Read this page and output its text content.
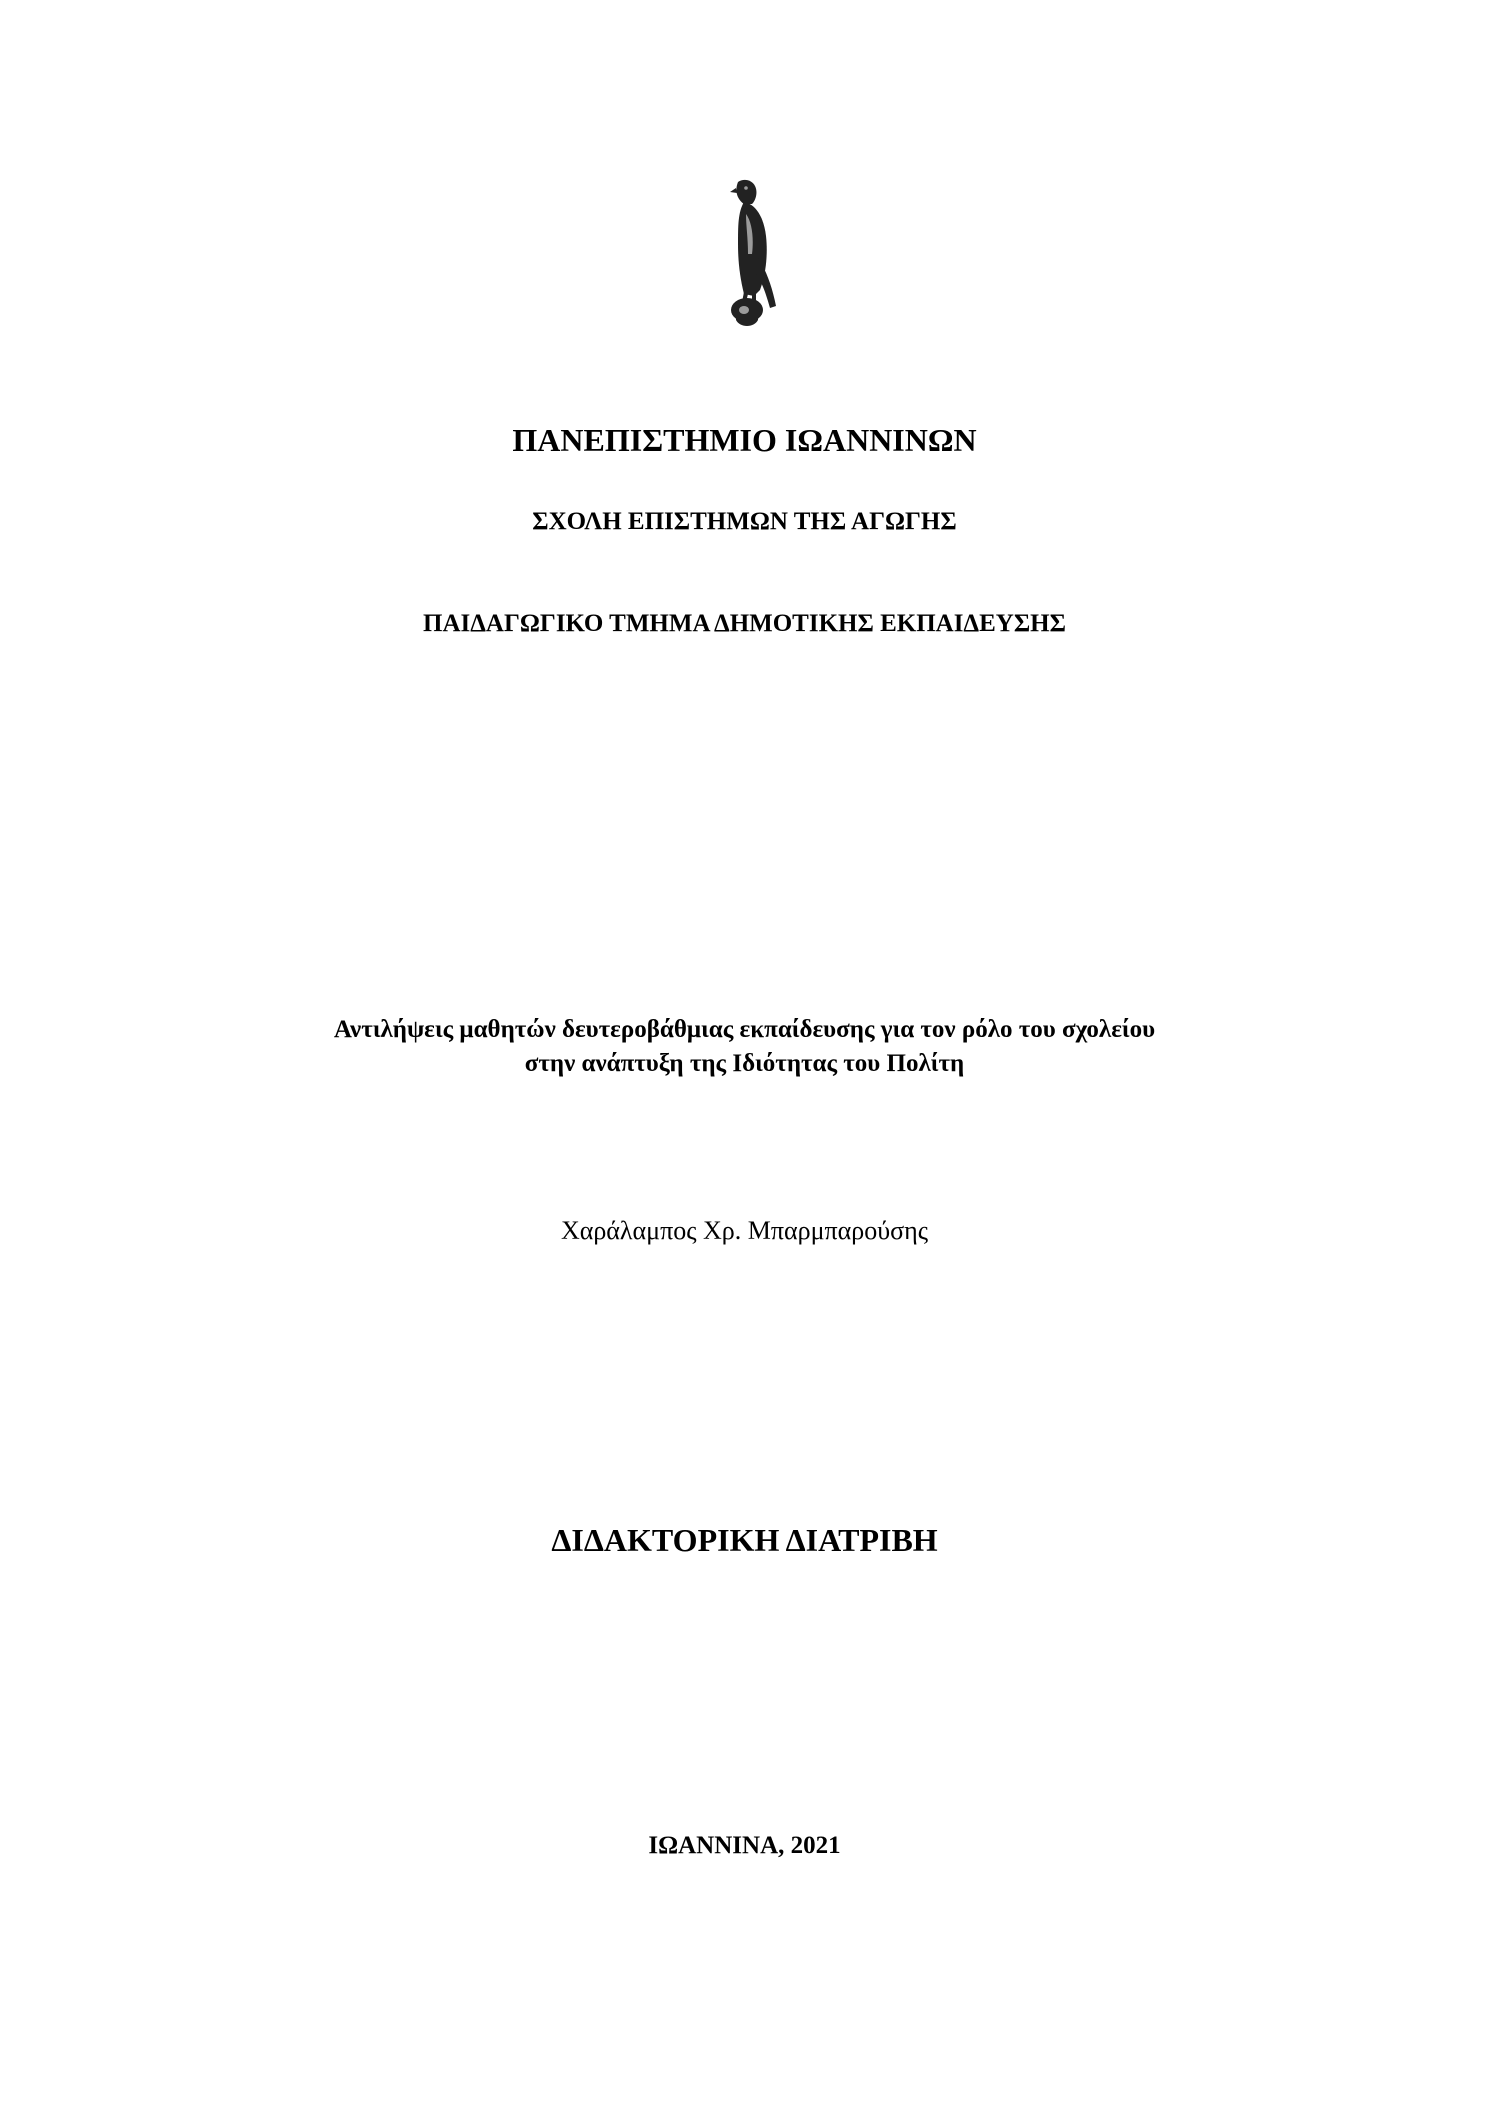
ΠΑΝΕΠΙΣΤΗΜΙΟ ΙΩΑΝΝΙΝΩΝ
ΣΧΟΛΗ ΕΠΙΣΤΗΜΩΝ ΤΗΣ ΑΓΩΓΗΣ
ΠΑΙΔΑΓΩΓΙΚΟ ΤΜΗΜΑ ΔΗΜΟΤΙΚΗΣ ΕΚΠΑΙΔΕΥΣΗΣ
Αντιλήψεις μαθητών δευτεροβάθμιας εκπαίδευσης για τον ρόλο του σχολείου
στην ανάπτυξη της Ιδιότητας του Πολίτη
Χαράλαμπος Χρ. Μπαρμπαρούσης
ΔΙΔΑΚΤΟΡΙΚΗ ΔΙΑΤΡΙΒΗ
ΙΩΑΝΝΙΝΑ, 2021
